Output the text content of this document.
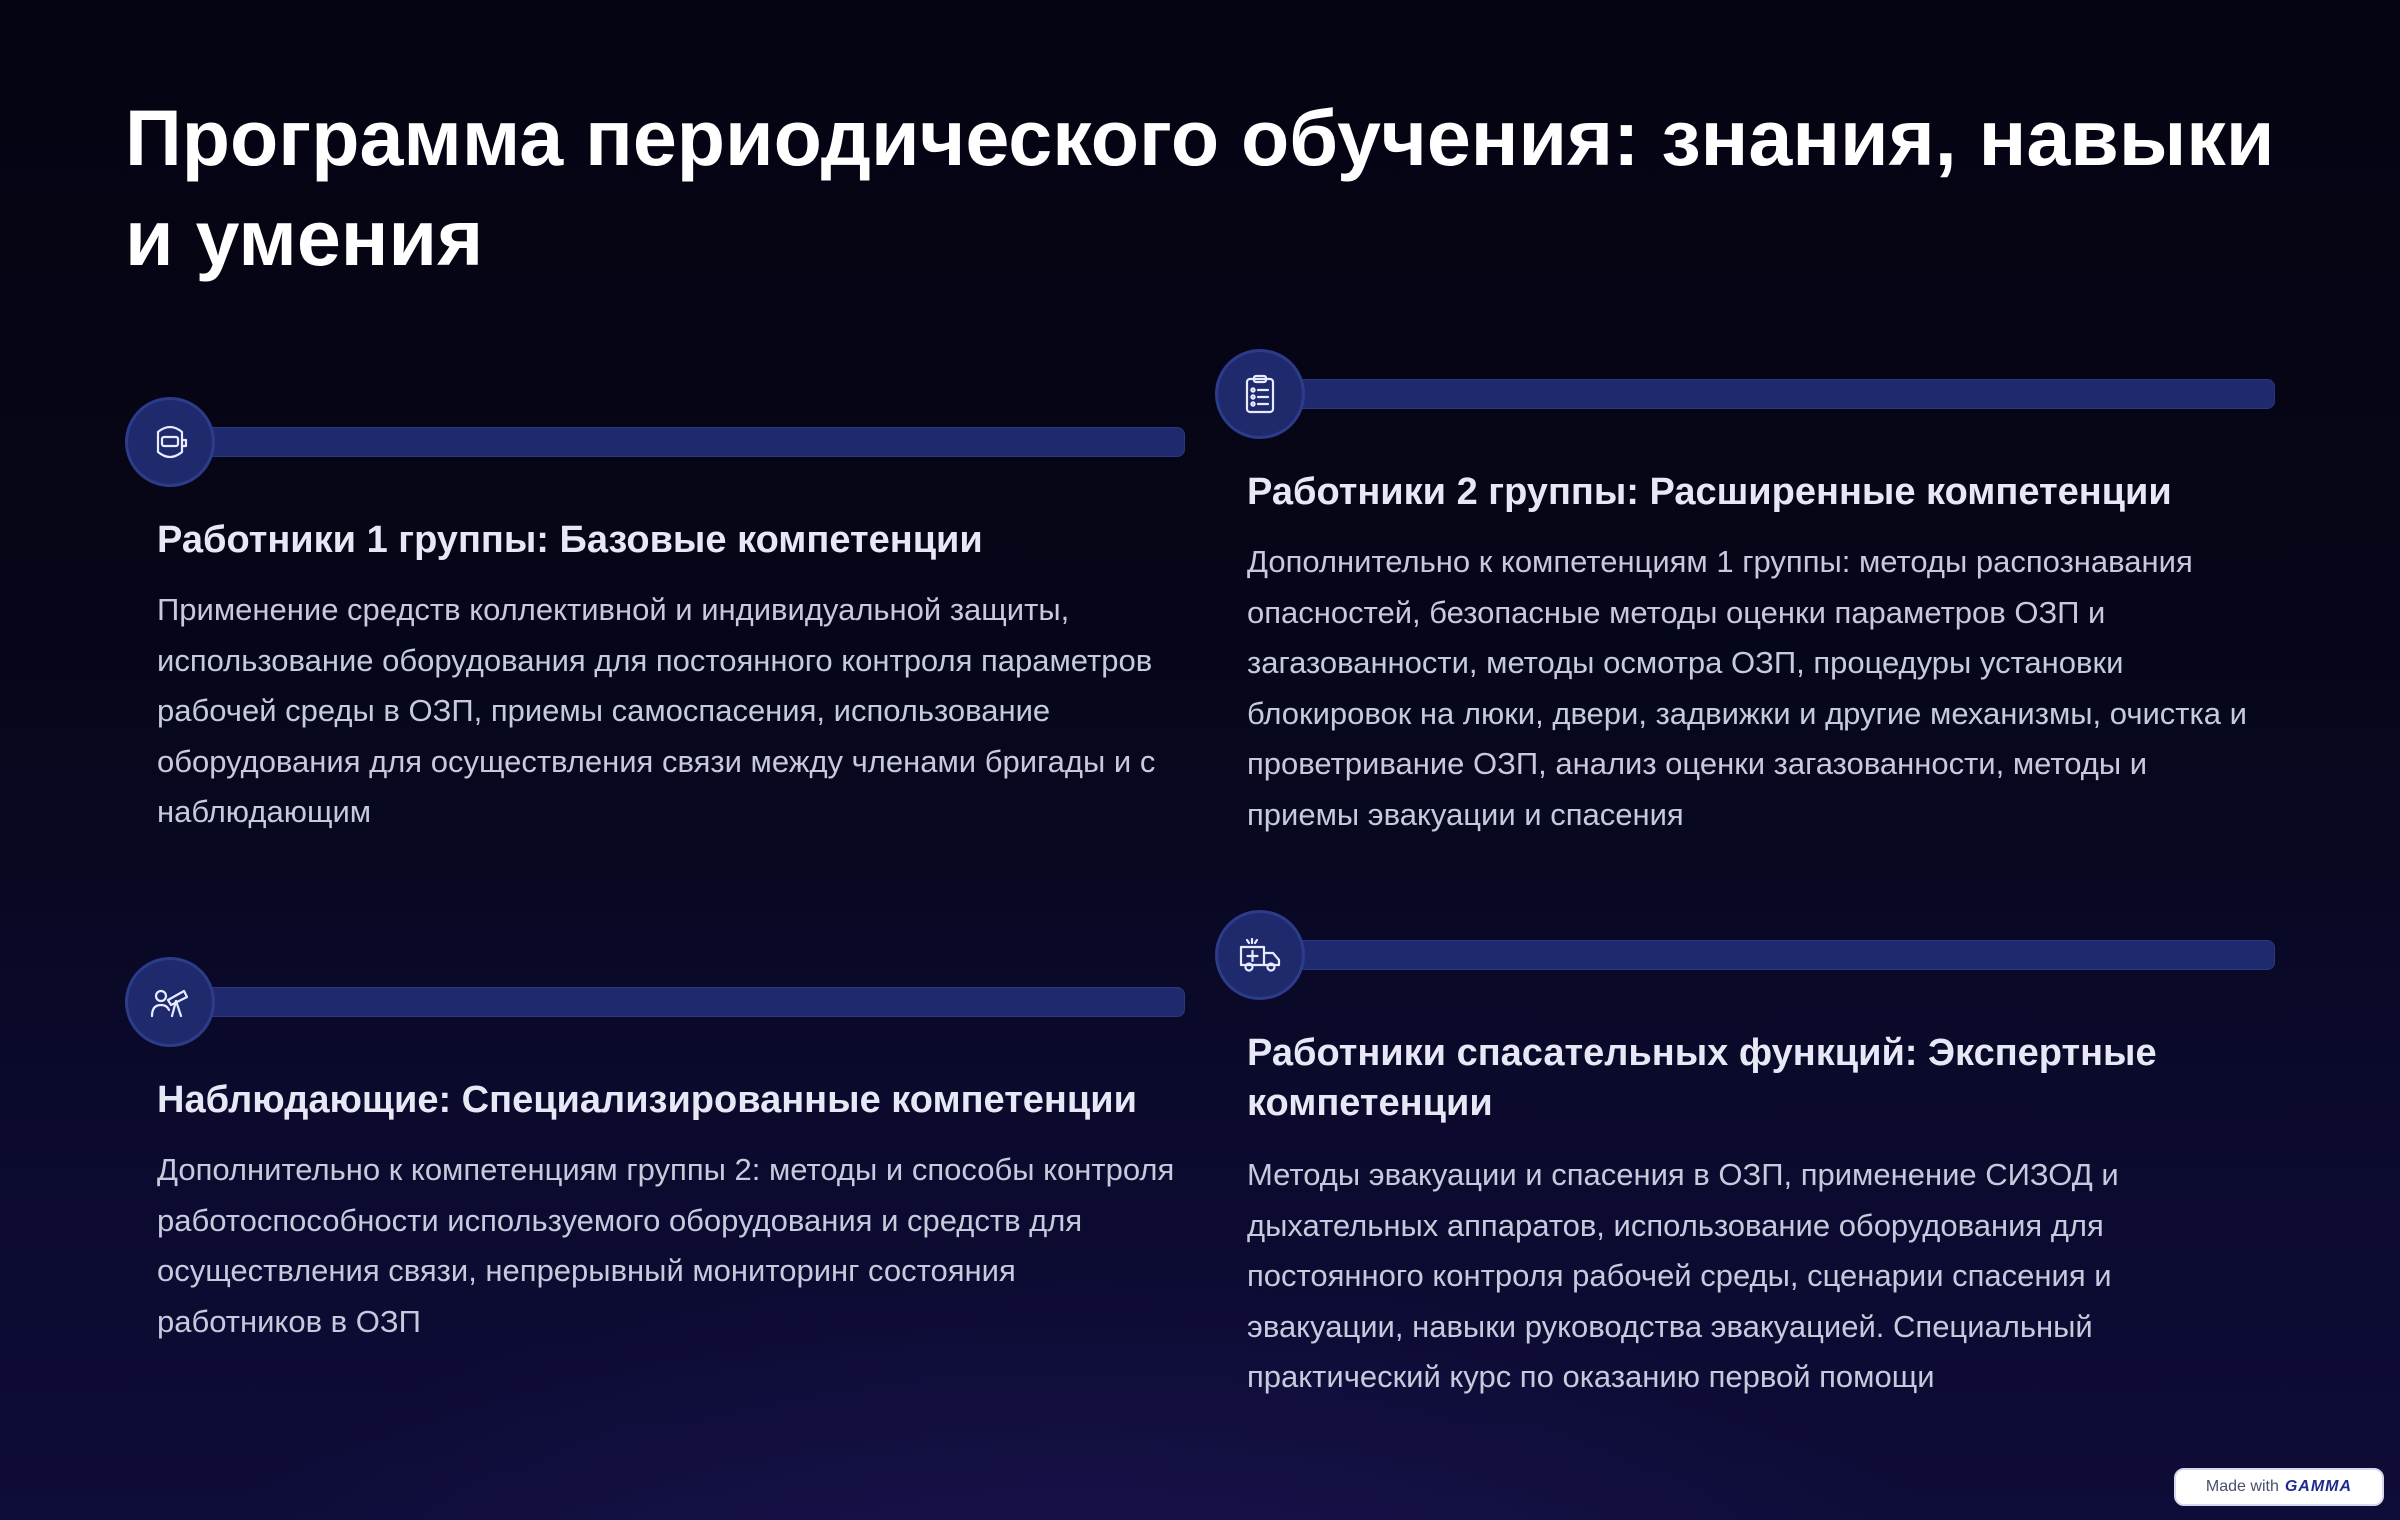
Программа периодического обучения: знания, навыки и умения
Работники 1 группы: Базовые компетенции

Применение средств коллективной и индивидуальной защиты, использование оборудования для постоянного контроля параметров рабочей среды в ОЗП, приемы самоспасения, использование оборудования для осуществления связи между членами бригады и с наблюдающим

Работники 2 группы: Расширенные компетенции

Дополнительно к компетенциям 1 группы: методы распознавания опасностей, безопасные методы оценки параметров ОЗП и загазованности, методы осмотра ОЗП, процедуры установки блокировок на люки, двери, задвижки и другие механизмы, очистка и проветривание ОЗП, анализ оценки загазованности, методы и приемы эвакуации и спасения

Наблюдающие: Специализированные компетенции

Дополнительно к компетенциям группы 2: методы и способы контроля работоспособности используемого оборудования и средств для осуществления связи, непрерывный мониторинг состояния работников в ОЗП

Работники спасательных функций: Экспертные компетенции

Методы эвакуации и спасения в ОЗП, применение СИЗОД и дыхательных аппаратов, использование оборудования для постоянного контроля рабочей среды, сценарии спасения и эвакуации, навыки руководства эвакуацией. Специальный практический курс по оказанию первой помощи

Made with GAMMA
